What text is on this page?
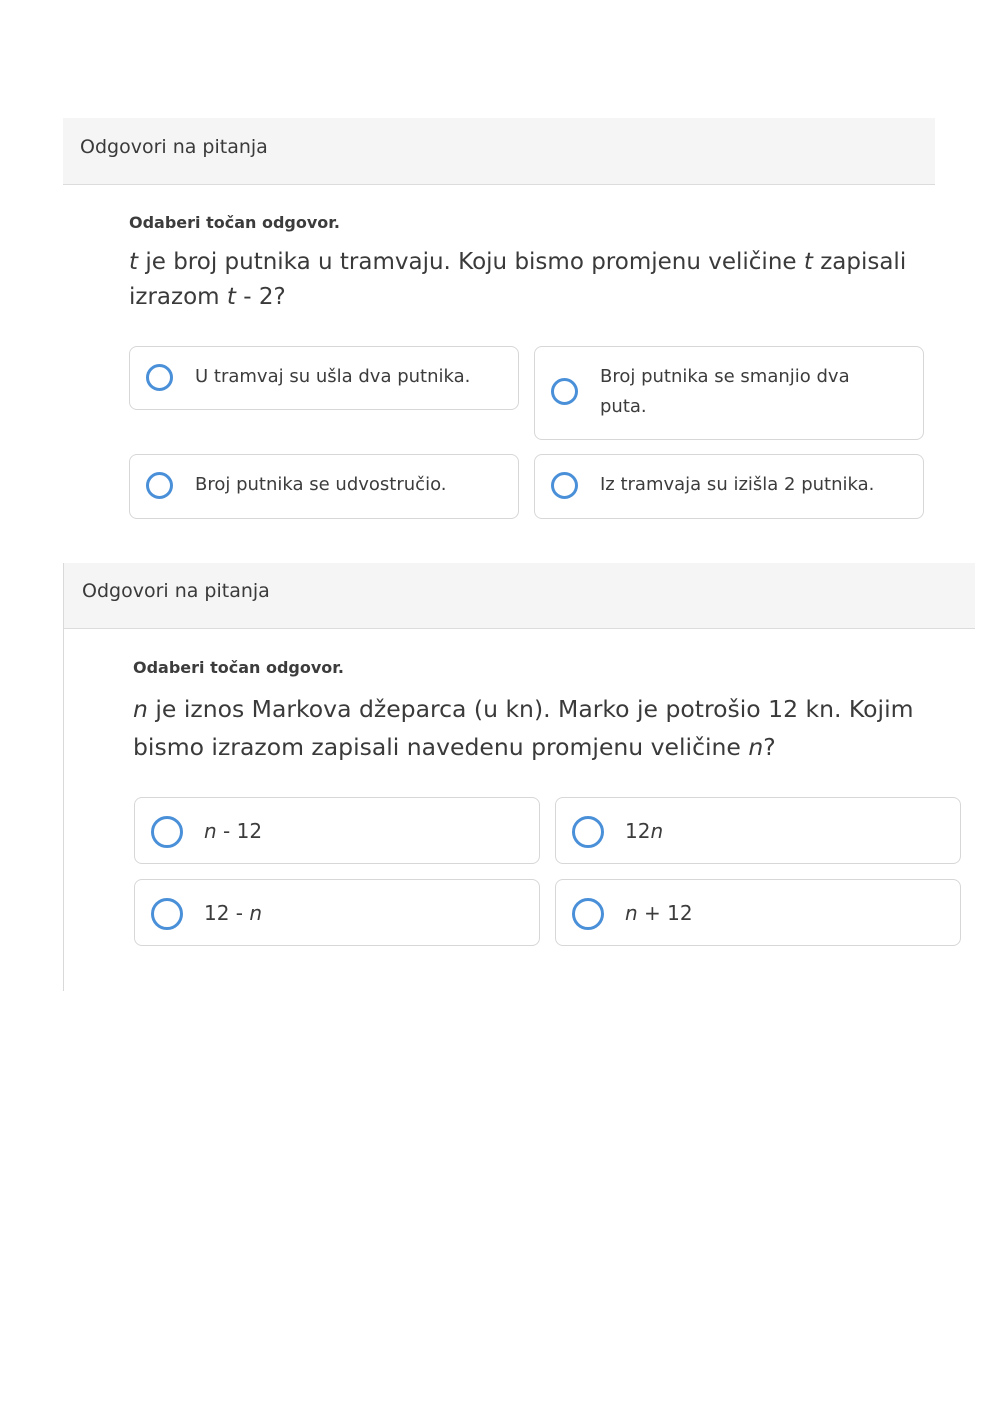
Odgovori na pitanja
Odaberi točan odgovor.
t je broj putnika u tramvaju. Koju bismo promjenu veličine t zapisali izrazom t - 2?
U tramvaj su ušla dva putnika.	Broj putnika se smanjio dva puta.
Broj putnika se udvostručio.	Iz tramvaja su izišla 2 putnika.
Odgovori na pitanja
Odaberi točan odgovor.
n je iznos Markova džeparca (u kn). Marko je potrošio 12 kn. Kojim bismo izrazom zapisali navedenu promjenu veličine n?
n - 12	12n
12 - n	n + 12
